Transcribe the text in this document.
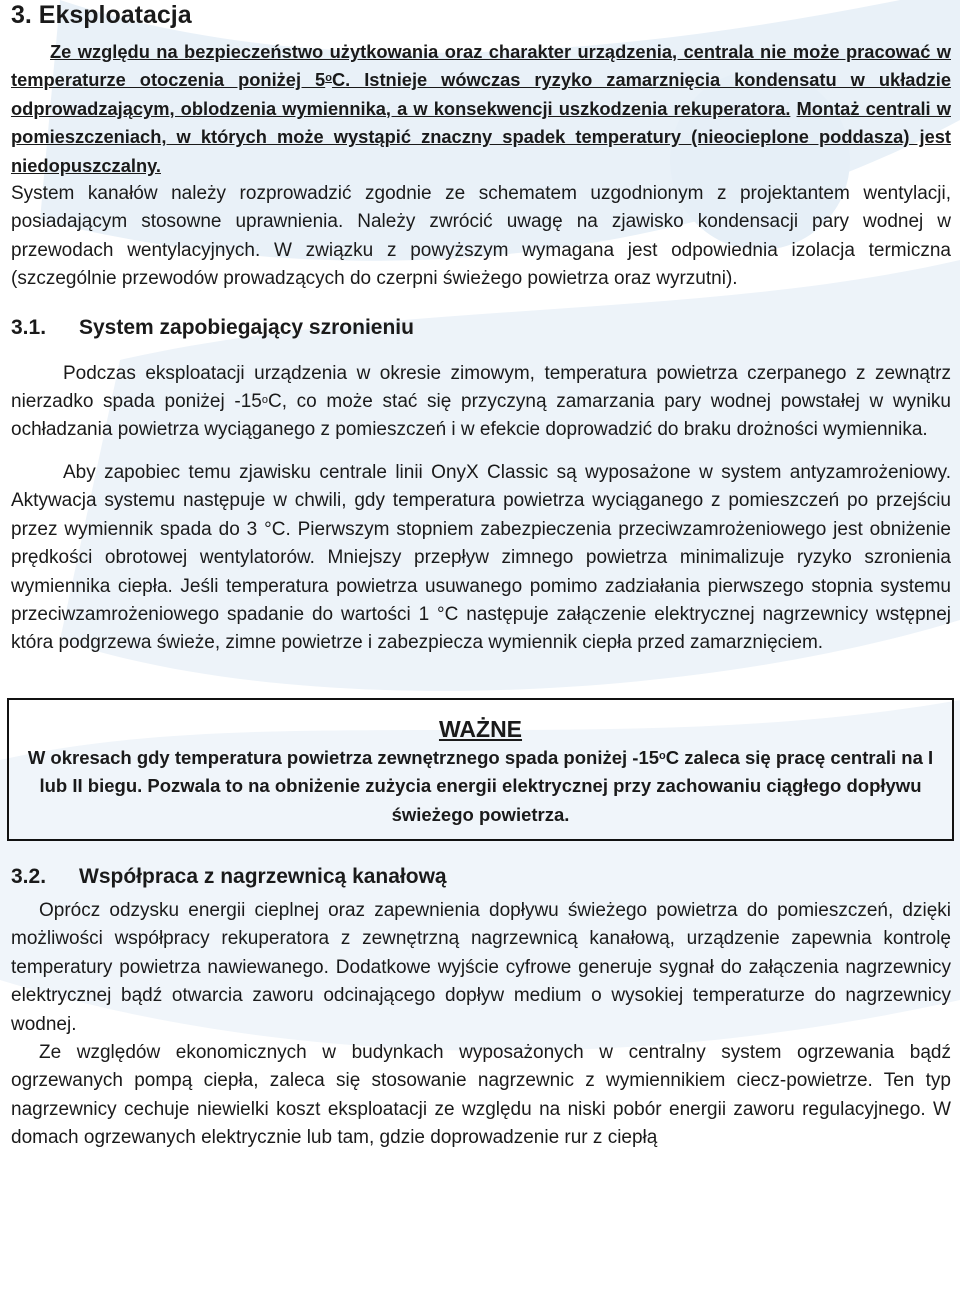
3. Eksploatacja

Ze względu na bezpieczeństwo użytkowania oraz charakter urządzenia, centrala nie może pracować w temperaturze otoczenia poniżej 5$^o$C. Istnieje wówczas ryzyko zamarznięcia kondensatu w układzie odprowadzającym, oblodzenia wymiennika, a w konsekwencji uszkodzenia rekuperatora. Montaż centrali w pomieszczeniach, w których może wystąpić znaczny spadek temperatury (nieocieplone poddasza) jest niedopuszczalny.

System kanałów należy rozprowadzić zgodnie ze schematem uzgodnionym z projektantem wentylacji, posiadającym stosowne uprawnienia. Należy zwrócić uwagę na zjawisko kondensacji pary wodnej w przewodach wentylacyjnych. W związku z powyższym wymagana jest odpowiednia izolacja termiczna (szczególnie przewodów prowadzących do czerpni świeżego powietrza oraz wyrzutni).

3.1. System zapobiegający szronieniu

Podczas eksploatacji urządzenia w okresie zimowym, temperatura powietrza czerpanego z zewnątrz nierzadko spada poniżej -15$^o$C, co może stać się przyczyną zamarzania pary wodnej powstałej w wyniku ochładzania powietrza wyciąganego z pomieszczeń i w efekcie doprowadzić do braku drożności wymiennika.

Aby zapobiec temu zjawisku centrale linii OnyX Classic są wyposażone w system antyzamrożeniowy. Aktywacja systemu następuje w chwili, gdy temperatura powietrza wyciąganego z pomieszczeń po przejściu przez wymiennik spada do 3 °C. Pierwszym stopniem zabezpieczenia przeciwzamrożeniowego jest obniżenie prędkości obrotowej wentylatorów. Mniejszy przepływ zimnego powietrza minimalizuje ryzyko szronienia wymiennika ciepła. Jeśli temperatura powietrza usuwanego pomimo zadziałania pierwszego stopnia systemu przeciwzamrożeniowego spadanie do wartości 1 °C następuje załączenie elektrycznej nagrzewnicy wstępnej która podgrzewa świeże, zimne powietrze i zabezpiecza wymiennik ciepła przed zamarznięciem.

WAŻNE
W okresach gdy temperatura powietrza zewnętrznego spada poniżej -15$^o$C zaleca się pracę centrali na I lub II biegu. Pozwala to na obniżenie zużycia energii elektrycznej przy zachowaniu ciągłego dopływu świeżego powietrza.
3.2. Współpraca z nagrzewnicą kanałową

Oprócz odzysku energii cieplnej oraz zapewnienia dopływu świeżego powietrza do pomieszczeń, dzięki możliwości współpracy rekuperatora z zewnętrzną nagrzewnicą kanałową, urządzenie zapewnia kontrolę temperatury powietrza nawiewanego. Dodatkowe wyjście cyfrowe generuje sygnał do załączenia nagrzewnicy elektrycznej bądź otwarcia zaworu odcinającego dopływ medium o wysokiej temperaturze do nagrzewnicy wodnej.

Ze względów ekonomicznych w budynkach wyposażonych w centralny system ogrzewania bądź ogrzewanych pompą ciepła, zaleca się stosowanie nagrzewnic z wymiennikiem ciecz-powietrze. Ten typ nagrzewnicy cechuje niewielki koszt eksploatacji ze względu na niski pobór energii zaworu regulacyjnego. W domach ogrzewanych elektrycznie lub tam, gdzie doprowadzenie rur z ciepłą
